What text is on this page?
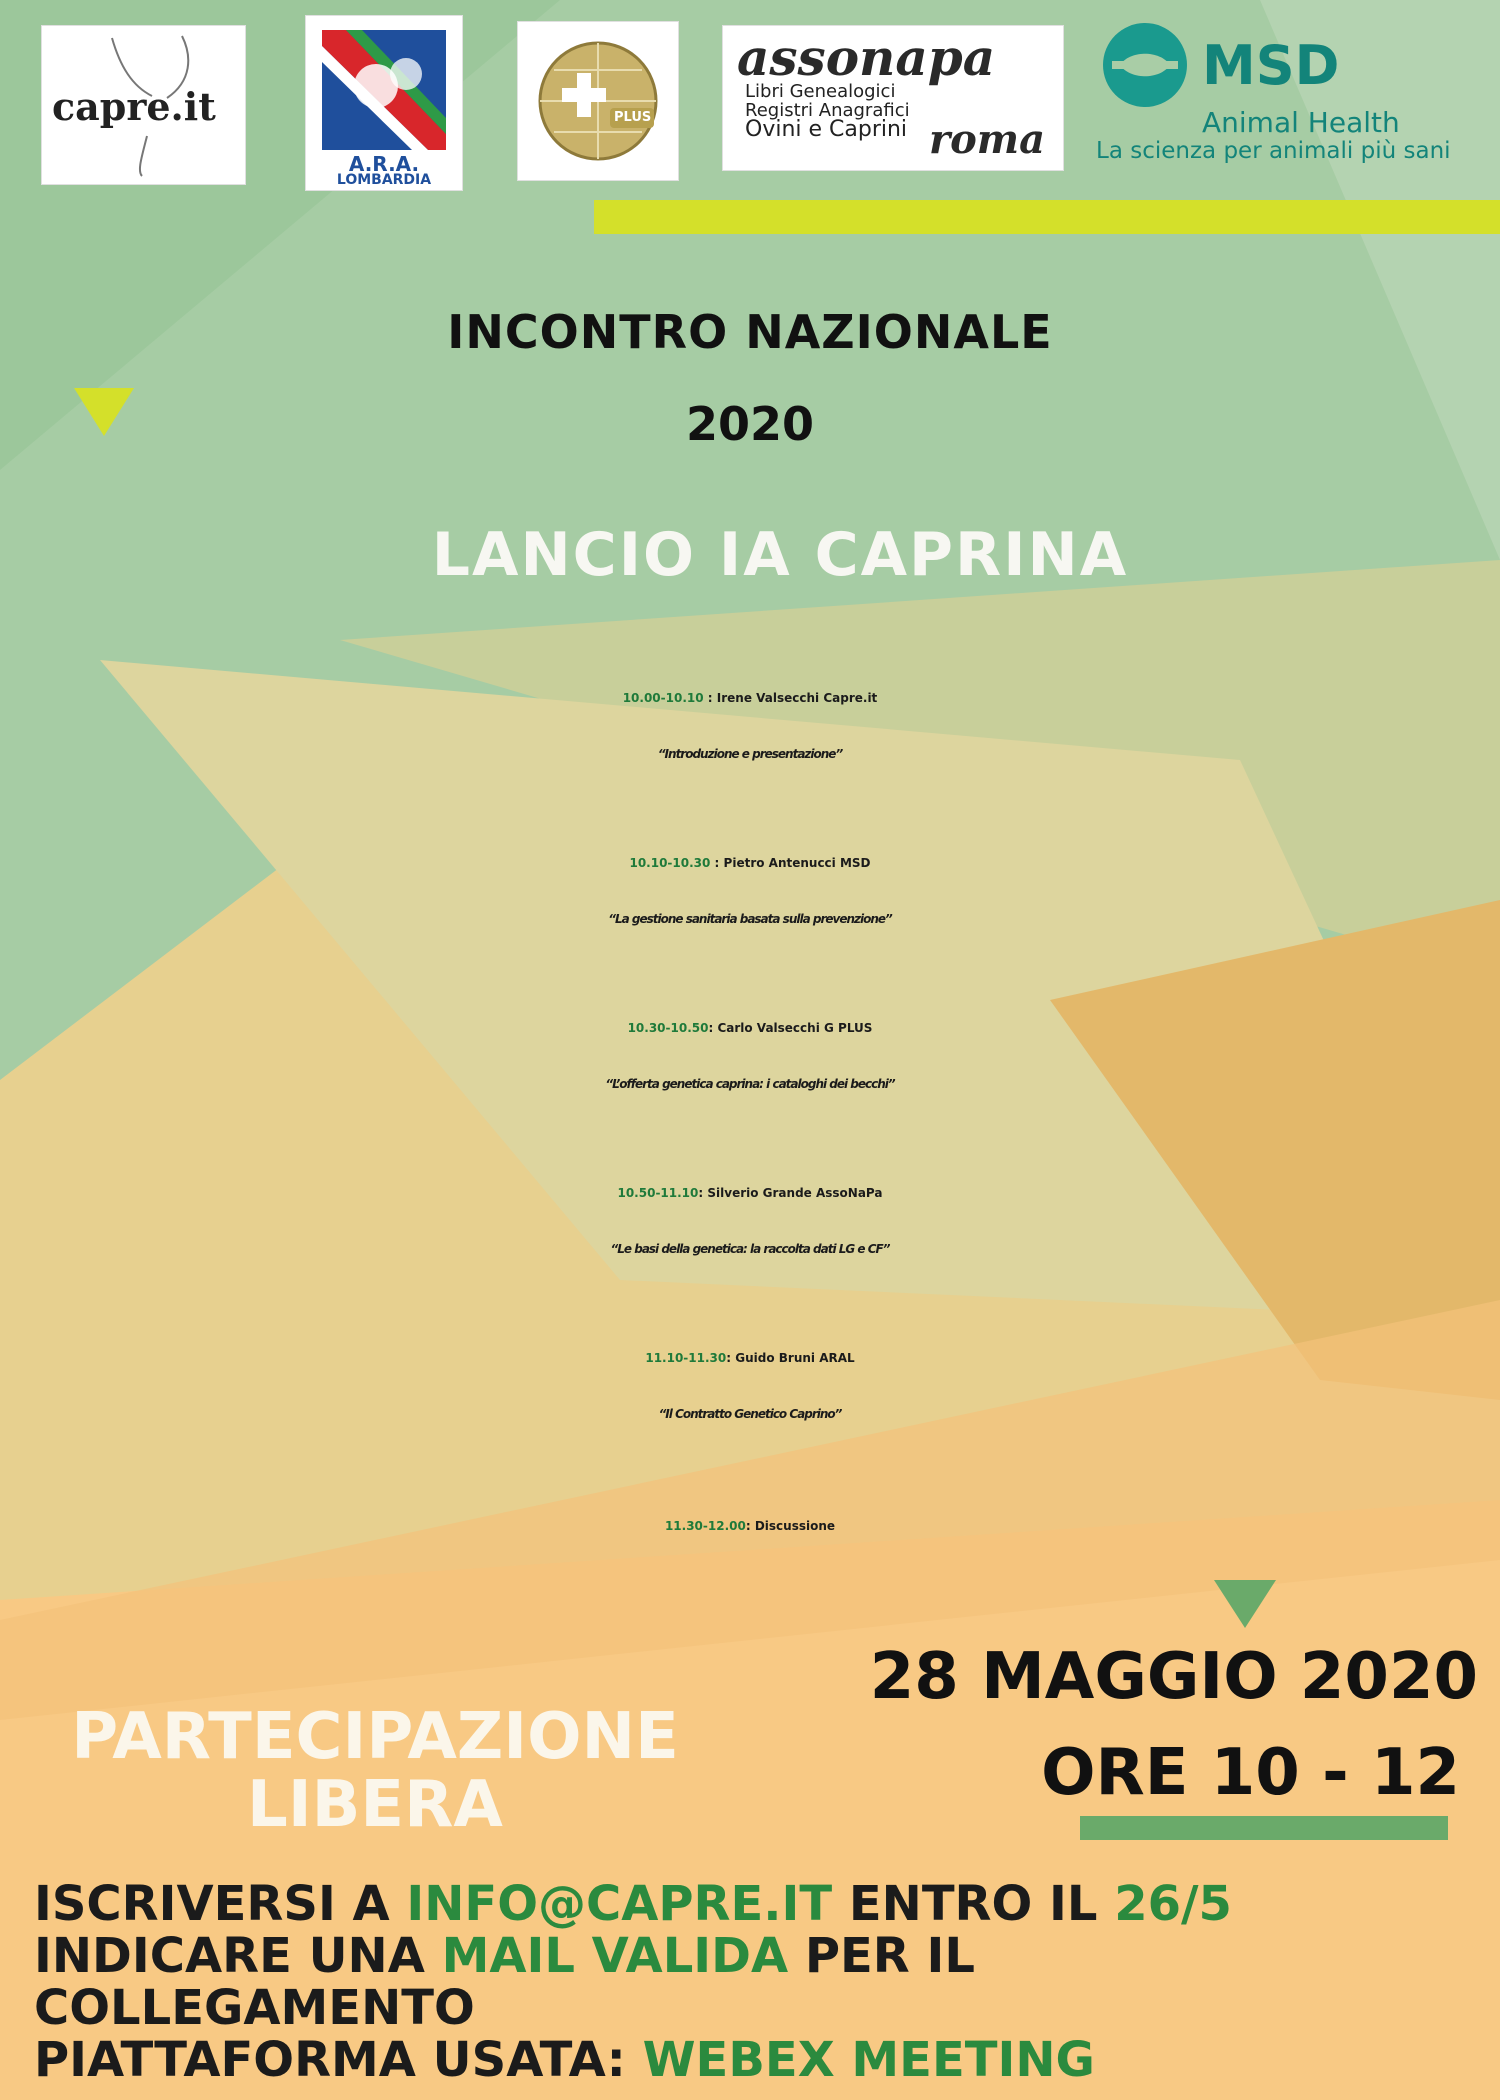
capre.it
A.R.A.
LOMBARDIA
PLUS
assonapa
Libri Genealogici
Registri Anagrafici
Ovini e Caprini roma
MSD
Animal Health
La scienza per animali più sani
INCONTRO NAZIONALE
2020
LANCIO IA CAPRINA
10.00-10.10 : Irene Valsecchi Capre.it
“Introduzione e presentazione”
10.10-10.30 : Pietro Antenucci MSD
“La gestione sanitaria basata sulla prevenzione”
10.30-10.50: Carlo Valsecchi G PLUS
“L’offerta genetica caprina: i cataloghi dei becchi”
10.50-11.10: Silverio Grande AssoNaPa
“Le basi della genetica: la raccolta dati LG e CF”
11.10-11.30: Guido Bruni ARAL
“Il Contratto Genetico Caprino”
11.30-12.00: Discussione
28 MAGGIO 2020
ORE 10 - 12
PARTECIPAZIONE
LIBERA
ISCRIVERSI A INFO@CAPRE.IT ENTRO IL 26/5
INDICARE UNA MAIL VALIDA PER IL
COLLEGAMENTO
PIATTAFORMA USATA: WEBEX MEETING
